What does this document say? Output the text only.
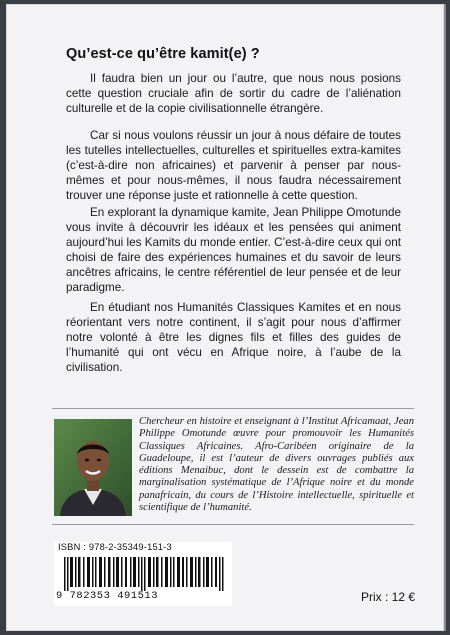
Qu’est-ce qu’être kamit(e) ?

Il faudra bien un jour ou l’autre, que nous nous posions cette question cruciale afin de sortir du cadre de l’aliénation culturelle et de la copie civilisationnelle étrangère.

Car si nous voulons réussir un jour à nous défaire de toutes les tutelles intellectuelles, culturelles et spirituelles extra-kamites (c’est-à-dire non africaines) et parvenir à penser par nous-mêmes et pour nous-mêmes, il nous faudra nécessairement trouver une réponse juste et rationnelle à cette question.

En explorant la dynamique kamite, Jean Philippe Omotunde vous invite à découvrir les idéaux et les pensées qui animent aujourd’hui les Kamits du monde entier. C’est-à-dire ceux qui ont choisi de faire des expériences humaines et du savoir de leurs ancêtres africains, le centre référentiel de leur pensée et de leur paradigme.

En étudiant nos Humanités Classiques Kamites et en nous réorientant vers notre continent, il s’agit pour nous d’affirmer notre volonté à être les dignes fils et filles des guides de l’humanité qui ont vécu en Afrique noire, à l’aube de la civilisation.

Chercheur en histoire et enseignant à l’Institut Africamaat, Jean Philippe Omotunde œuvre pour promouvoir les Humanités Classiques Africaines. Afro-Caribéen originaire de la Guadeloupe, il est l’auteur de divers ouvrages publiés aux éditions Menaibuc, dont le dessein est de combattre la marginalisation systématique de l’Afrique noire et du monde panafricain, du cours de l’Histoire intellectuelle, spirituelle et scientifique de l’humanité.

ISBN : 978-2-35349-151-3
9 782353 491513	Prix : 12 €
